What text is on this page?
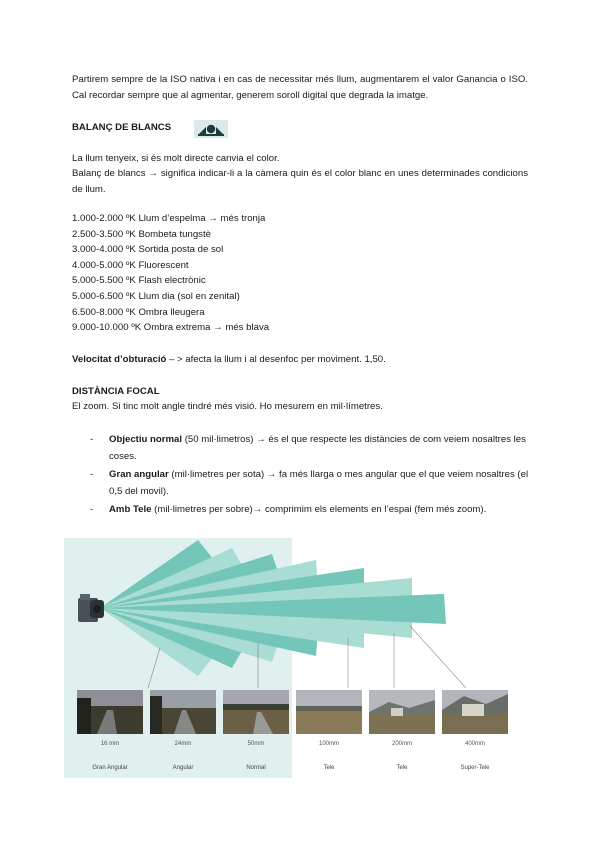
Partirem sempre de la ISO nativa i en cas de necessitar més llum, augmentarem el valor Ganancia o ISO. Cal recordar sempre que al agmentar, generem soroll digital que degrada la imatge.
BALANÇ DE BLANCS
La llum tenyeix, si és molt directe canvia el color.
Balanç de blancs → significa indicar-li a la càmera quin és el color blanc en unes determinades condicions de llum.
1.000-2.000 ºK Llum d’espelma → més tronja
2.500-3.500 ºK Bombeta tungstè
3.000-4.000 ºK Sortida posta de sol
4.000-5.000 ºK Fluorescent
5.000-5.500 ºK Flash electrònic
5.000-6.500 ºK Llum dia (sol en zenital)
6.500-8.000 ºK Ombra lleugera
9.000-10.000 ºK Ombra extrema → més blava
Velocitat d’obturació – > afecta la llum i al desenfoc per moviment. 1,50.
DISTÀNCIA FOCAL
El zoom. Si tinc molt angle tindré més visió. Ho mesurem en mil·límetres.
- Objectiu normal (50 mil·limetros) → és el que respecte les distàncies de com veiem nosaltres les coses.
- Gran angular (mil·limetres per sota) → fa més llarga o mes angular que el que veiem nosaltres (el 0,5 del movil).
- Amb Tele (mil·limetres per sobre)→ comprimim els elements en l’espai (fem més zoom).
16 mm	24mm	50mm	100mm	200mm	400mm
Gran Angular	Angular	Normal	Tele	Tele	Super-Tele
